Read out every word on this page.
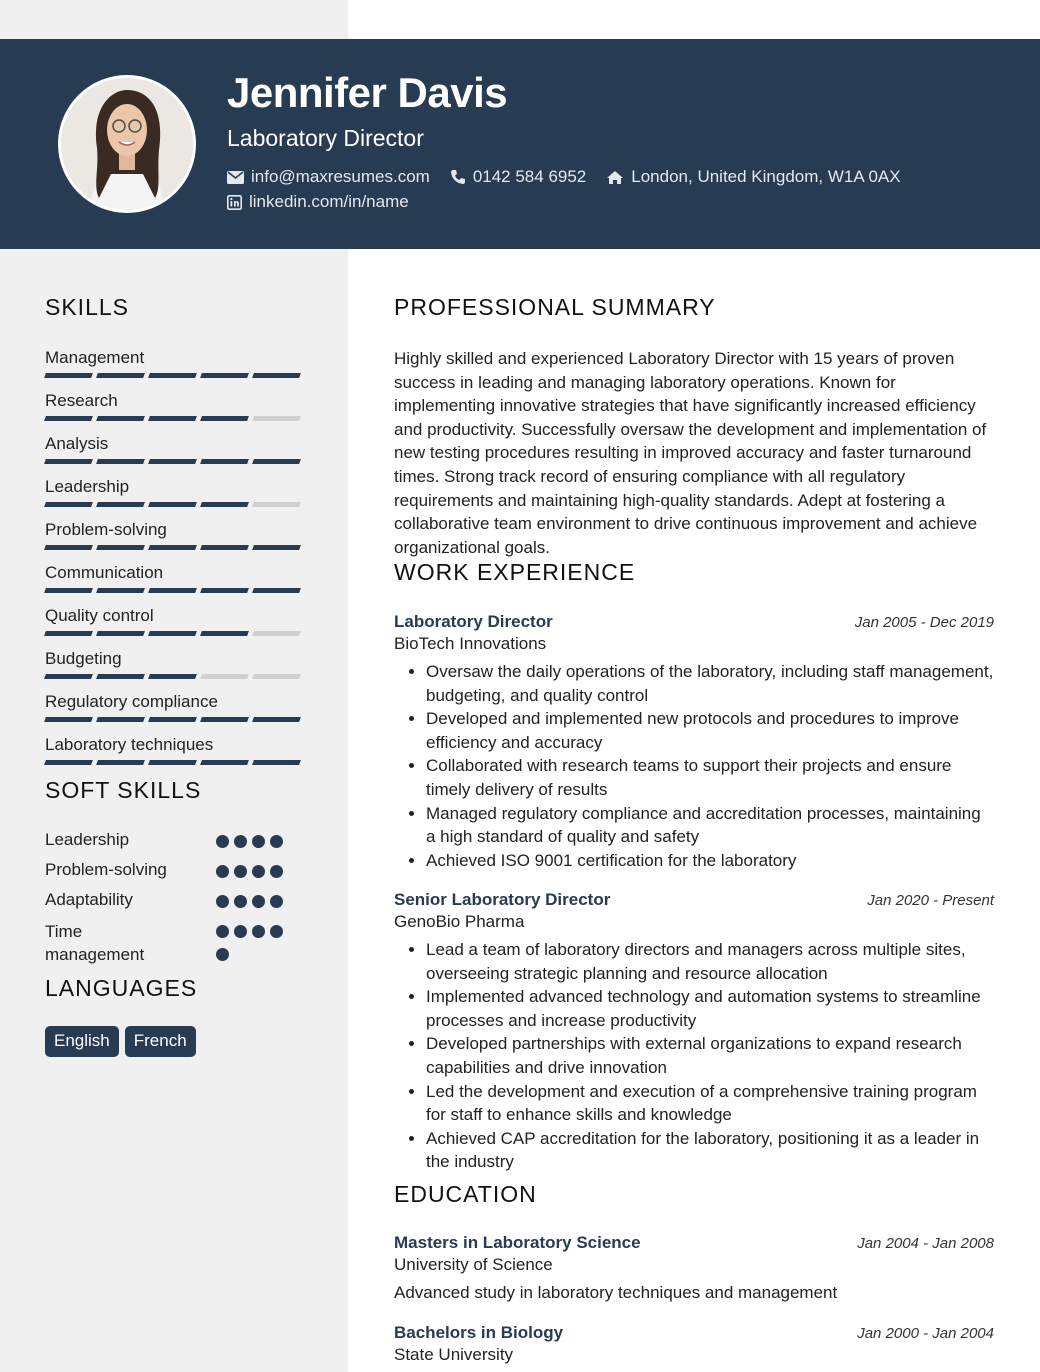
Jennifer Davis
Laboratory Director
info@maxresumes.com	0142 584 6952	London, United Kingdom, W1A 0AX
linkedin.com/in/name
SKILLS
Management
Research
Analysis
Leadership
Problem-solving
Communication
Quality control
Budgeting
Regulatory compliance
Laboratory techniques
SOFT SKILLS
Leadership
Problem-solving
Adaptability
Time management
LANGUAGES
English	French
PROFESSIONAL SUMMARY
Highly skilled and experienced Laboratory Director with 15 years of proven success in leading and managing laboratory operations. Known for implementing innovative strategies that have significantly increased efficiency and productivity. Successfully oversaw the development and implementation of new testing procedures resulting in improved accuracy and faster turnaround times. Strong track record of ensuring compliance with all regulatory requirements and maintaining high-quality standards. Adept at fostering a collaborative team environment to drive continuous improvement and achieve organizational goals.
WORK EXPERIENCE
Laboratory Director	Jan 2005 - Dec 2019
BioTech Innovations
• Oversaw the daily operations of the laboratory, including staff management, budgeting, and quality control
• Developed and implemented new protocols and procedures to improve efficiency and accuracy
• Collaborated with research teams to support their projects and ensure timely delivery of results
• Managed regulatory compliance and accreditation processes, maintaining a high standard of quality and safety
• Achieved ISO 9001 certification for the laboratory
Senior Laboratory Director	Jan 2020 - Present
GenoBio Pharma
• Lead a team of laboratory directors and managers across multiple sites, overseeing strategic planning and resource allocation
• Implemented advanced technology and automation systems to streamline processes and increase productivity
• Developed partnerships with external organizations to expand research capabilities and drive innovation
• Led the development and execution of a comprehensive training program for staff to enhance skills and knowledge
• Achieved CAP accreditation for the laboratory, positioning it as a leader in the industry
EDUCATION
Masters in Laboratory Science	Jan 2004 - Jan 2008
University of Science
Advanced study in laboratory techniques and management
Bachelors in Biology	Jan 2000 - Jan 2004
State University
